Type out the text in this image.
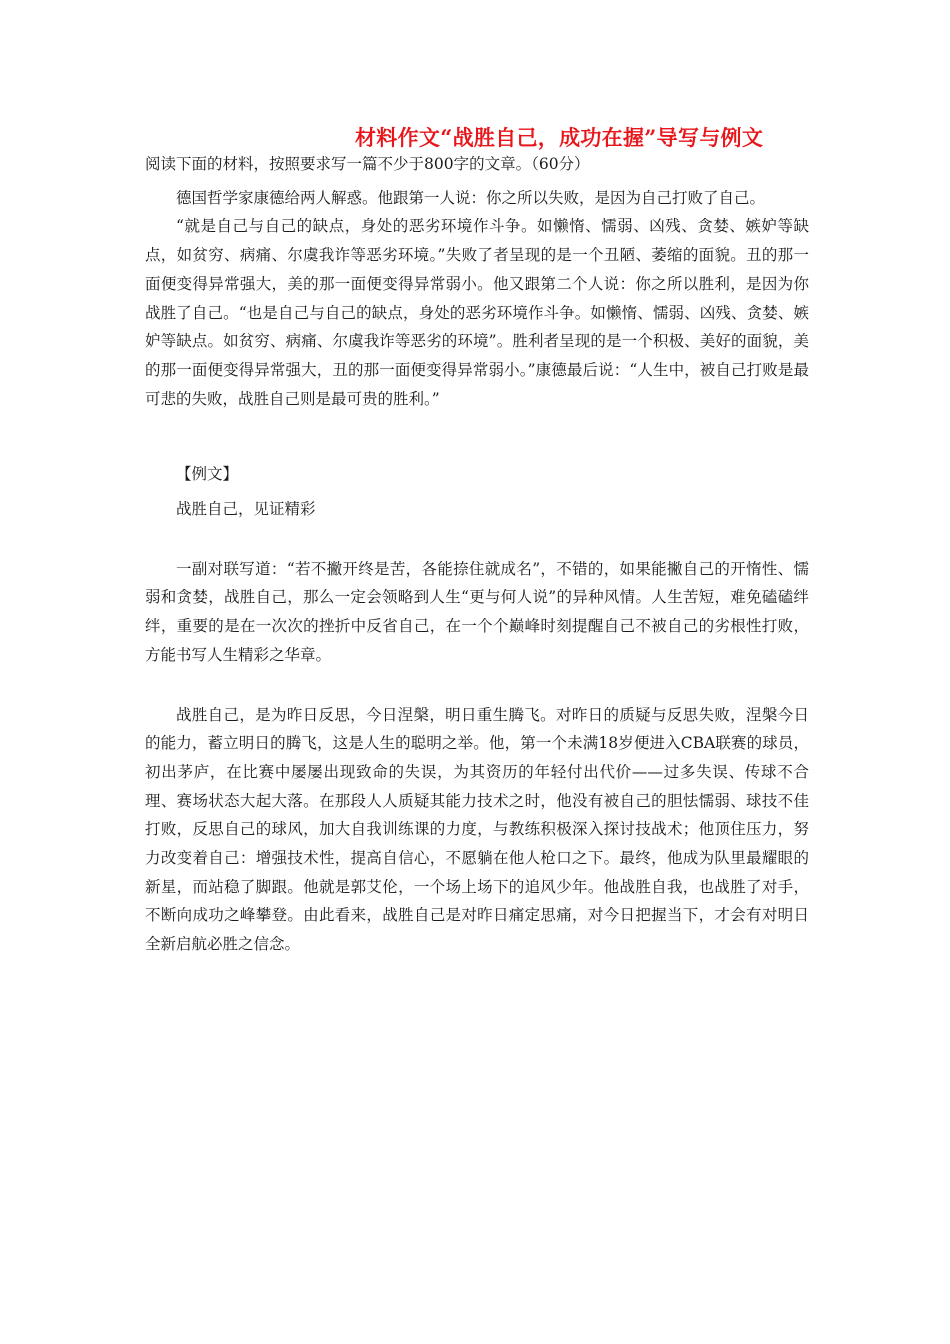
材料作文“战胜自己，成功在握”导写与例文

阅读下面的材料，按照要求写一篇不少于800字的文章。（60分）

德国哲学家康德给两人解惑。他跟第一人说：你之所以失败，是因为自己打败了自己。

“就是自己与自己的缺点，身处的恶劣环境作斗争。如懒惰、懦弱、凶残、贪婪、嫉妒等缺点，如贫穷、病痛、尔虞我诈等恶劣环境。”失败了者呈现的是一个丑陋、萎缩的面貌。丑的那一面便变得异常强大，美的那一面便变得异常弱小。他又跟第二个人说：你之所以胜利，是因为你战胜了自己。“也是自己与自己的缺点，身处的恶劣环境作斗争。如懒惰、懦弱、凶残、贪婪、嫉妒等缺点。如贫穷、病痛、尔虞我诈等恶劣的环境”。胜利者呈现的是一个积极、美好的面貌，美的那一面便变得异常强大，丑的那一面便变得异常弱小。”康德最后说：“人生中，被自己打败是最可悲的失败，战胜自己则是最可贵的胜利。”

【例文】

战胜自己，见证精彩

一副对联写道：“若不撇开终是苦，各能捺住就成名”，不错的，如果能撇自己的开惰性、懦弱和贪婪，战胜自己，那么一定会领略到人生“更与何人说”的异种风情。人生苦短，难免磕磕绊绊，重要的是在一次次的挫折中反省自己，在一个个巅峰时刻提醒自己不被自己的劣根性打败，方能书写人生精彩之华章。

战胜自己，是为昨日反思，今日涅槃，明日重生腾飞。对昨日的质疑与反思失败，涅槃今日的能力，蓄立明日的腾飞，这是人生的聪明之举。他，第一个未满18岁便进入CBA联赛的球员，初出茅庐，在比赛中屡屡出现致命的失误，为其资历的年轻付出代价——过多失误、传球不合理、赛场状态大起大落。在那段人人质疑其能力技术之时，他没有被自己的胆怯懦弱、球技不佳打败，反思自己的球风，加大自我训练课的力度，与教练积极深入探讨技战术；他顶住压力，努力改变着自己：增强技术性，提高自信心，不愿躺在他人枪口之下。最终，他成为队里最耀眼的新星，而站稳了脚跟。他就是郭艾伦，一个场上场下的追风少年。他战胜自我，也战胜了对手，不断向成功之峰攀登。由此看来，战胜自己是对昨日痛定思痛，对今日把握当下，才会有对明日全新启航必胜之信念。
